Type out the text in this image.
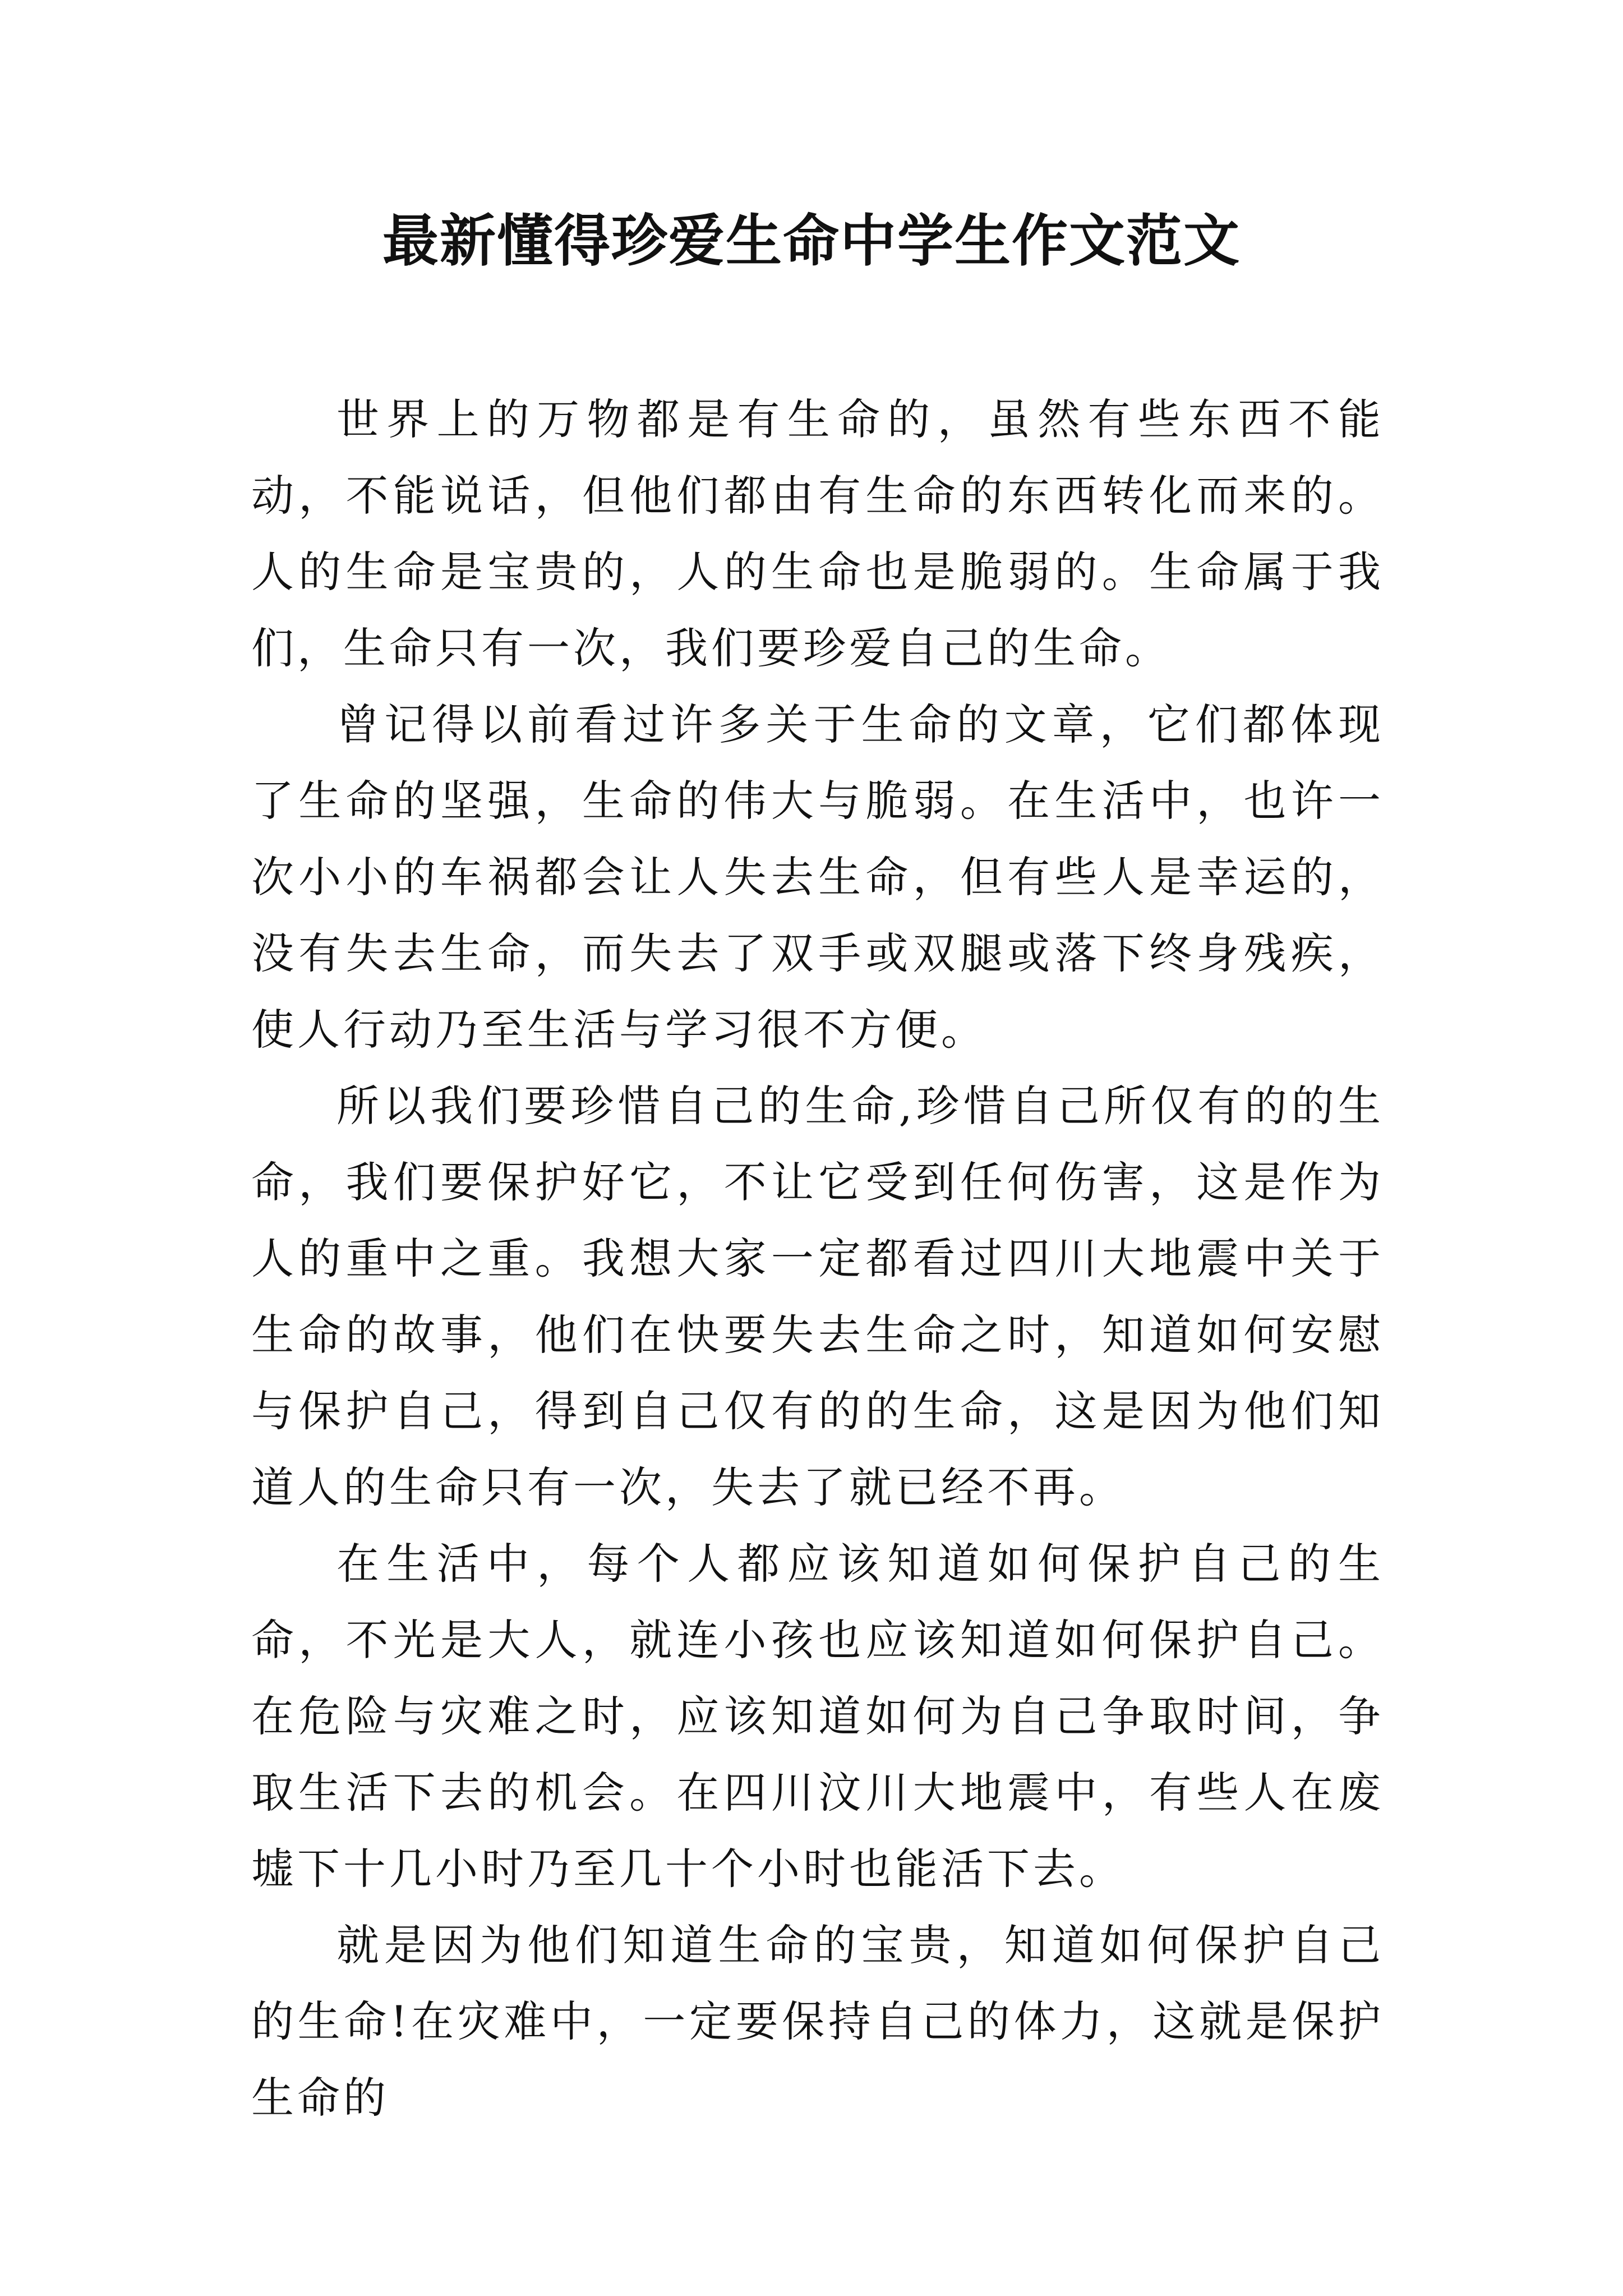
最新懂得珍爱生命中学生作文范文

世界上的万物都是有生命的，虽然有些东西不能动，不能说话，但他们都由有生命的东西转化而来的。人的生命是宝贵的，人的生命也是脆弱的。生命属于我们，生命只有一次，我们要珍爱自己的生命。

曾记得以前看过许多关于生命的文章，它们都体现了生命的坚强，生命的伟大与脆弱。在生活中，也许一次小小的车祸都会让人失去生命，但有些人是幸运的，没有失去生命，而失去了双手或双腿或落下终身残疾，使人行动乃至生活与学习很不方便。

所以我们要珍惜自己的生命,珍惜自己所仅有的的生命，我们要保护好它，不让它受到任何伤害，这是作为人的重中之重。我想大家一定都看过四川大地震中关于生命的故事，他们在快要失去生命之时，知道如何安慰与保护自己，得到自己仅有的的生命，这是因为他们知道人的生命只有一次，失去了就已经不再。

在生活中，每个人都应该知道如何保护自己的生命，不光是大人，就连小孩也应该知道如何保护自己。在危险与灾难之时，应该知道如何为自己争取时间，争取生活下去的机会。在四川汶川大地震中，有些人在废墟下十几小时乃至几十个小时也能活下去。

就是因为他们知道生命的宝贵，知道如何保护自己的生命!在灾难中，一定要保持自己的体力，这就是保护生命的
